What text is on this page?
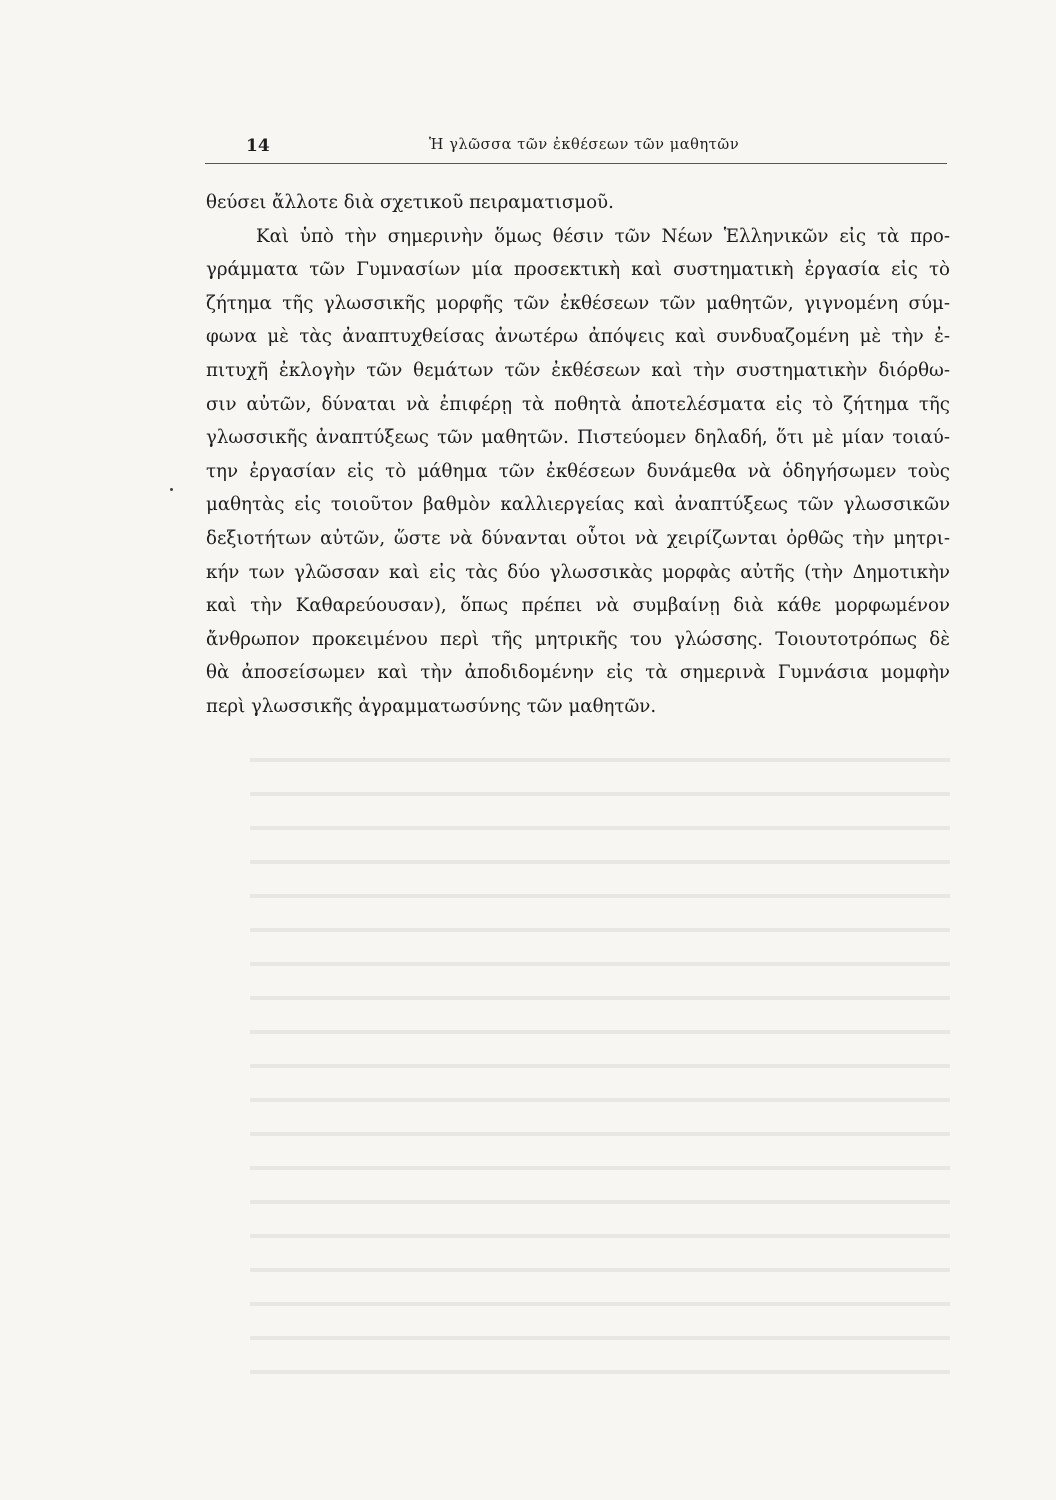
14	Ἡ γλῶσσα τῶν ἐκθέσεων τῶν μαθητῶν
θεύσει ἄλλοτε διὰ σχετικοῦ πειραματισμοῦ.
Καὶ ὑπὸ τὴν σημερινὴν ὅμως θέσιν τῶν Νέων Ἑλληνικῶν εἰς τὰ προ-
γράμματα τῶν Γυμνασίων μία προσεκτικὴ καὶ συστηματικὴ ἐργασία εἰς τὸ
ζήτημα τῆς γλωσσικῆς μορφῆς τῶν ἐκθέσεων τῶν μαθητῶν, γιγνομένη σύμ-
φωνα μὲ τὰς ἀναπτυχθείσας ἀνωτέρω ἀπόψεις καὶ συνδυαζομένη μὲ τὴν ἐ-
πιτυχῆ ἐκλογὴν τῶν θεμάτων τῶν ἐκθέσεων καὶ τὴν συστηματικὴν διόρθω-
σιν αὐτῶν, δύναται νὰ ἐπιφέρῃ τὰ ποθητὰ ἀποτελέσματα εἰς τὸ ζήτημα τῆς
γλωσσικῆς ἀναπτύξεως τῶν μαθητῶν. Πιστεύομεν δηλαδή, ὅτι μὲ μίαν τοιαύ-
την ἐργασίαν εἰς τὸ μάθημα τῶν ἐκθέσεων δυνάμεθα νὰ ὁδηγήσωμεν τοὺς
μαθητὰς εἰς τοιοῦτον βαθμὸν καλλιεργείας καὶ ἀναπτύξεως τῶν γλωσσικῶν
δεξιοτήτων αὐτῶν, ὥστε νὰ δύνανται οὗτοι νὰ χειρίζωνται ὀρθῶς τὴν μητρι-
κήν των γλῶσσαν καὶ εἰς τὰς δύο γλωσσικὰς μορφὰς αὐτῆς (τὴν Δημοτικὴν
καὶ τὴν Καθαρεύουσαν), ὅπως πρέπει νὰ συμβαίνῃ διὰ κάθε μορφωμένον
ἄνθρωπον προκειμένου περὶ τῆς μητρικῆς του γλώσσης. Τοιουτοτρόπως δὲ
θὰ ἀποσείσωμεν καὶ τὴν ἀποδιδομένην εἰς τὰ σημερινὰ Γυμνάσια μομφὴν
περὶ γλωσσικῆς ἀγραμματωσύνης τῶν μαθητῶν.
